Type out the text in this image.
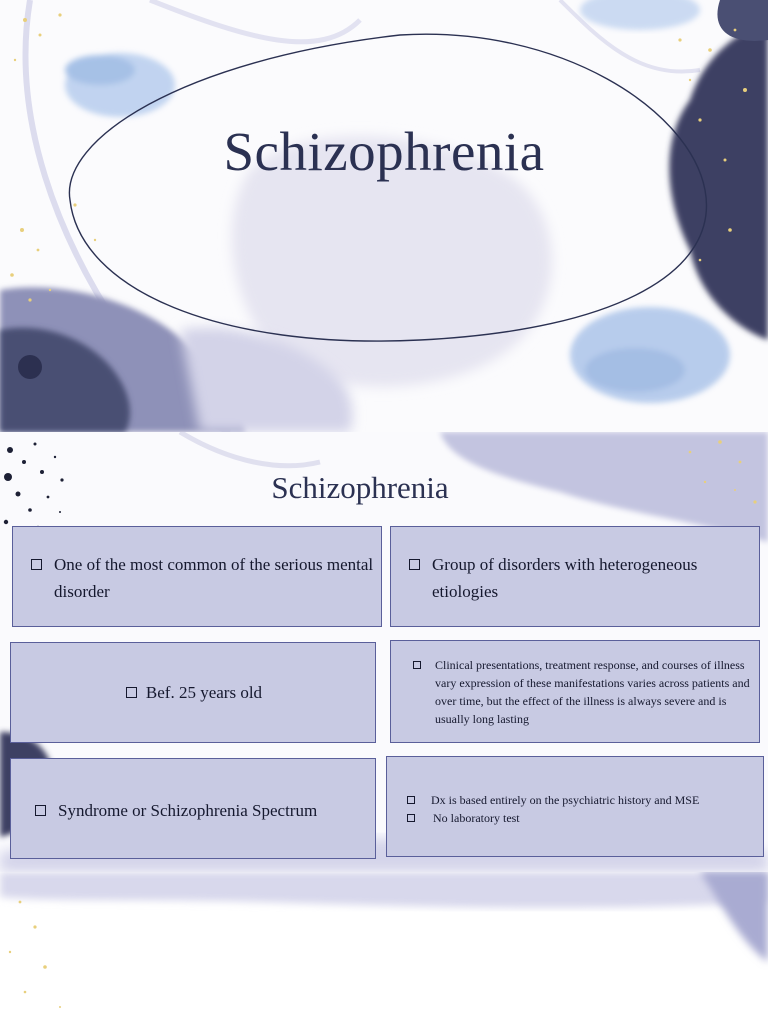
Schizophrenia
Schizophrenia
One of the most common of the serious mental disorder
Group of disorders with heterogeneous etiologies
Bef. 25 years old
Clinical presentations, treatment response, and courses of illness vary expression of these manifestations varies across patients and over time, but the effect of the illness is always severe and is usually long lasting
Syndrome or Schizophrenia Spectrum
Dx is based entirely on the psychiatric history and MSE
No laboratory test
